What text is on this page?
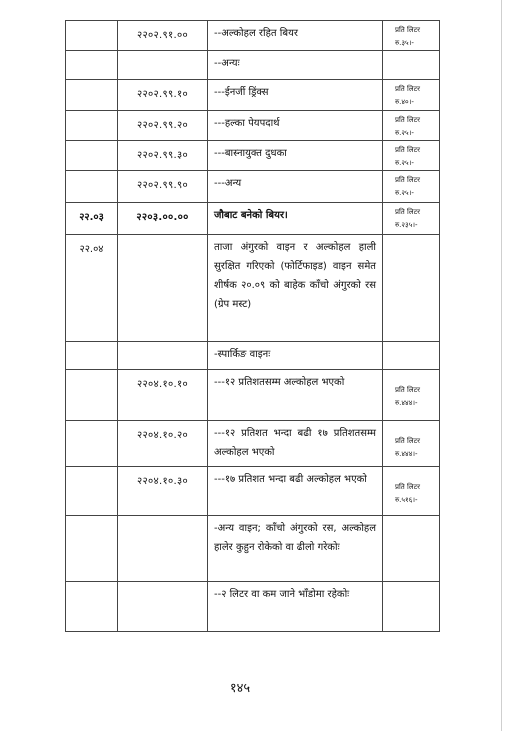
	२२०२.९१.००	--अल्कोहल रहित बियर	प्रति लिटर
रु.३५।-

		--अन्यः	

	२२०२.९९.१०	---ईनर्जी ड्रिंक्स	प्रति लिटर
रु.४०।-

	२२०२.९९.२०	---हल्का पेयपदार्थ	प्रति लिटर
रु.२५।-

	२२०२.९९.३०	---बास्नायुक्त दुधका	प्रति लिटर
रु.२५।-

	२२०२.९९.९०	---अन्य	प्रति लिटर
रु.२५।-

२२.०३	२२०३.००.००	जौबाट बनेको बियर।	प्रति लिटर
रु.२३५।-

२२.०४		ताजा अंगुरको वाइन र अल्कोहल हाली सुरक्षित गरिएको (फोर्टिफाइड) वाइन समेत शीर्षक २०.०९ को बाहेक काँचो अंगुरको रस (ग्रेप मस्ट)	

		-स्पार्किङ वाइनः	

	२२०४.१०.१०	---१२ प्रतिशतसम्म अल्कोहल भएको	प्रति लिटर
रु.४४४।-

	२२०४.१०.२०	---१२ प्रतिशत भन्दा बढी १७ प्रतिशतसम्म अल्कोहल भएको	प्रति लिटर
रु.४४४।-

	२२०४.१०.३०	---१७ प्रतिशत भन्दा बढी अल्कोहल भएको	प्रति लिटर
रु.५१६।-

		-अन्य वाइन; काँचो अंगुरको रस, अल्कोहल हालेर कुहुन रोकेको वा ढीलो गरेकोः	

		--२ लिटर वा कम जाने भाँडोमा रहेकोः	

१४५
